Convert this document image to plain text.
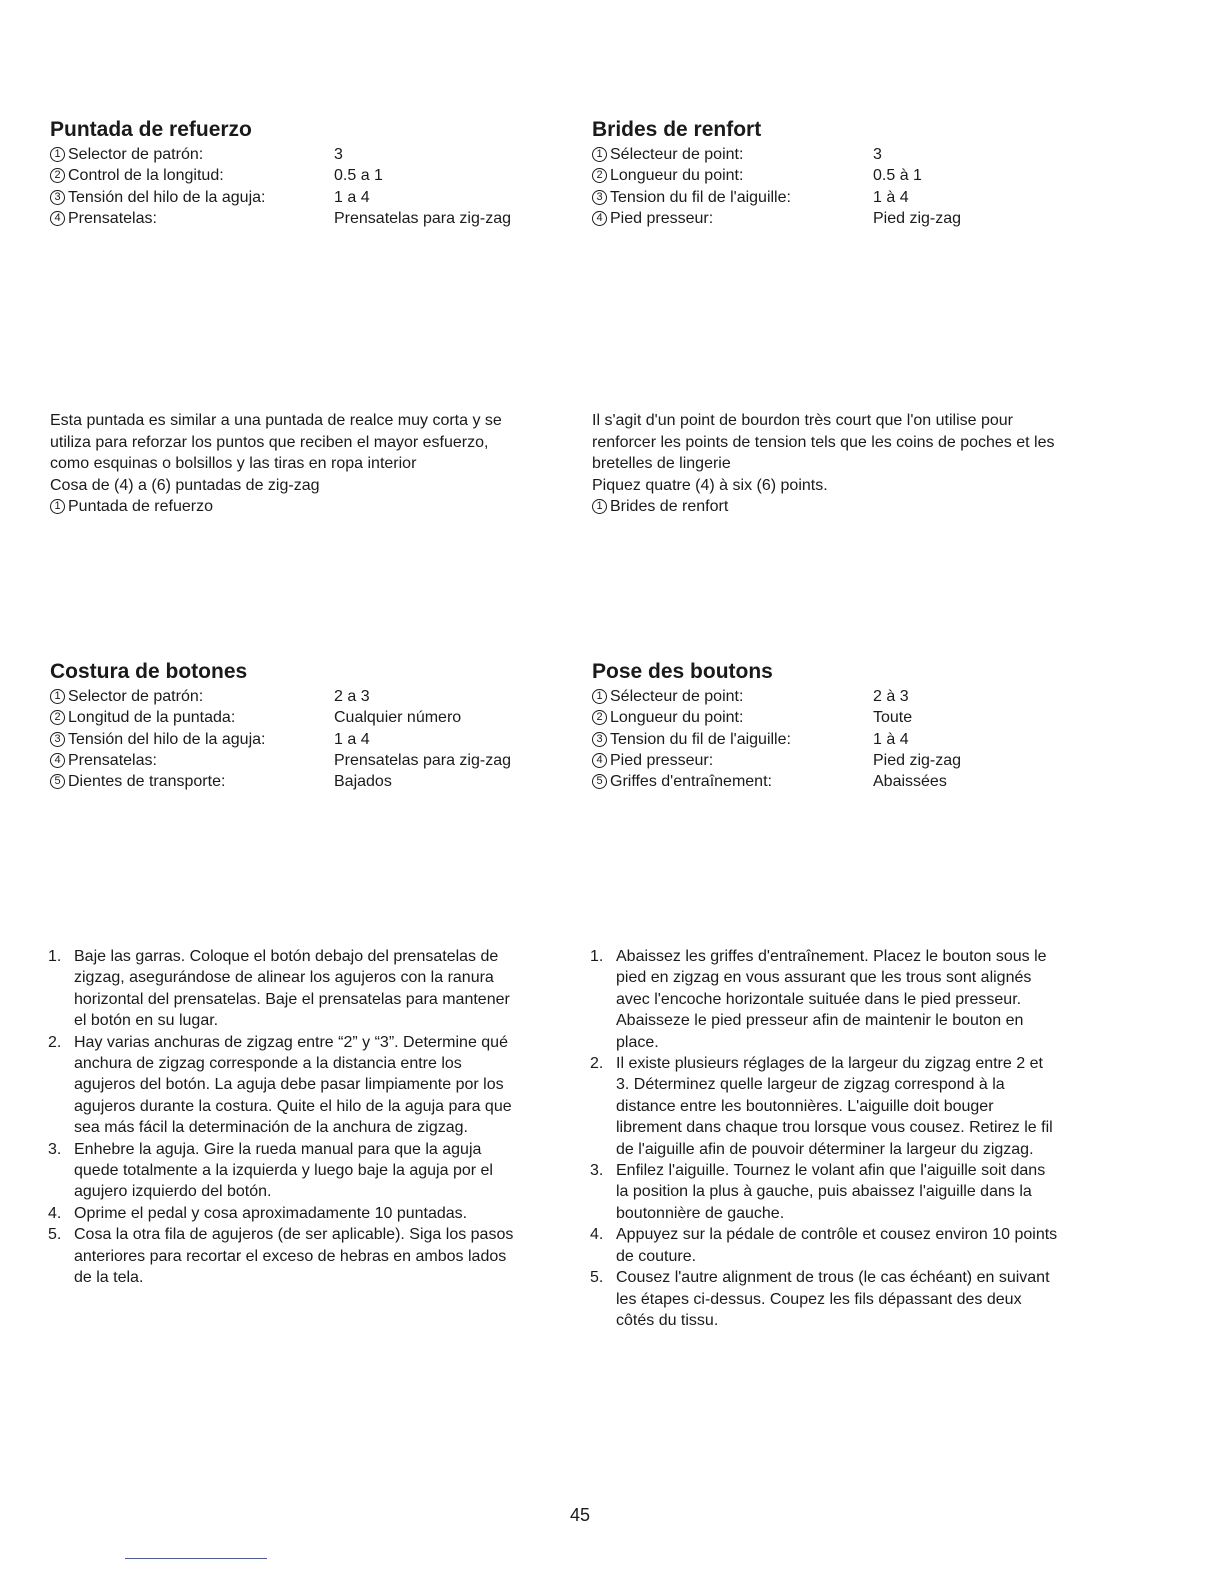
Puntada de refuerzo
1 Selector de patrón:	3
2 Control de la longitud:	0.5 a 1
3 Tensión del hilo de la aguja:	1 a 4
4 Prensatelas:	Prensatelas para zig-zag
Brides de renfort
1 Sélecteur de point:	3
2 Longueur du point:	0.5 à 1
3 Tension du fil de l'aiguille:	1 à 4
4 Pied presseur:	Pied zig-zag
Esta puntada es similar a una puntada de realce muy corta y se
utiliza para reforzar los puntos que reciben el mayor esfuerzo,
como esquinas o bolsillos y las tiras en ropa interior
Cosa de (4) a (6) puntadas de zig-zag
1 Puntada de refuerzo
Il s'agit d'un point de bourdon très court que l'on utilise pour
renforcer les points de tension tels que les coins de poches et les
bretelles de lingerie
Piquez quatre (4) à six (6) points.
1 Brides de renfort
Costura de botones
1 Selector de patrón:	2 a 3
2 Longitud de la puntada:	Cualquier número
3 Tensión del hilo de la aguja:	1 a 4
4 Prensatelas:	Prensatelas para zig-zag
5 Dientes de transporte:	Bajados
Pose des boutons
1 Sélecteur de point:	2 à 3
2 Longueur du point:	Toute
3 Tension du fil de l'aiguille:	1 à 4
4 Pied presseur:	Pied zig-zag
5 Griffes d'entraînement:	Abaissées
1. Baje las garras. Coloque el botón debajo del prensatelas de
zigzag, asegurándose de alinear los agujeros con la ranura
horizontal del prensatelas. Baje el prensatelas para mantener
el botón en su lugar.
2. Hay varias anchuras de zigzag entre “2” y “3”. Determine qué
anchura de zigzag corresponde a la distancia entre los
agujeros del botón. La aguja debe pasar limpiamente por los
agujeros durante la costura. Quite el hilo de la aguja para que
sea más fácil la determinación de la anchura de zigzag.
3. Enhebre la aguja. Gire la rueda manual para que la aguja
quede totalmente a la izquierda y luego baje la aguja por el
agujero izquierdo del botón.
4. Oprime el pedal y cosa aproximadamente 10 puntadas.
5. Cosa la otra fila de agujeros (de ser aplicable). Siga los pasos
anteriores para recortar el exceso de hebras en ambos lados
de la tela.
1. Abaissez les griffes d'entraînement. Placez le bouton sous le
pied en zigzag en vous assurant que les trous sont alignés
avec l'encoche horizontale suituée dans le pied presseur.
Abaisseze le pied presseur afin de maintenir le bouton en
place.
2. Il existe plusieurs réglages de la largeur du zigzag entre 2 et
3. Déterminez quelle largeur de zigzag correspond à la
distance entre les boutonnières. L'aiguille doit bouger
librement dans chaque trou lorsque vous cousez. Retirez le fil
de l'aiguille afin de pouvoir déterminer la largeur du zigzag.
3. Enfilez l'aiguille. Tournez le volant afin que l'aiguille soit dans
la position la plus à gauche, puis abaissez l'aiguille dans la
boutonnière de gauche.
4. Appuyez sur la pédale de contrôle et cousez environ 10 points
de couture.
5. Cousez l'autre alignment de trous (le cas échéant) en suivant
les étapes ci-dessus. Coupez les fils dépassant des deux
côtés du tissu.
45
